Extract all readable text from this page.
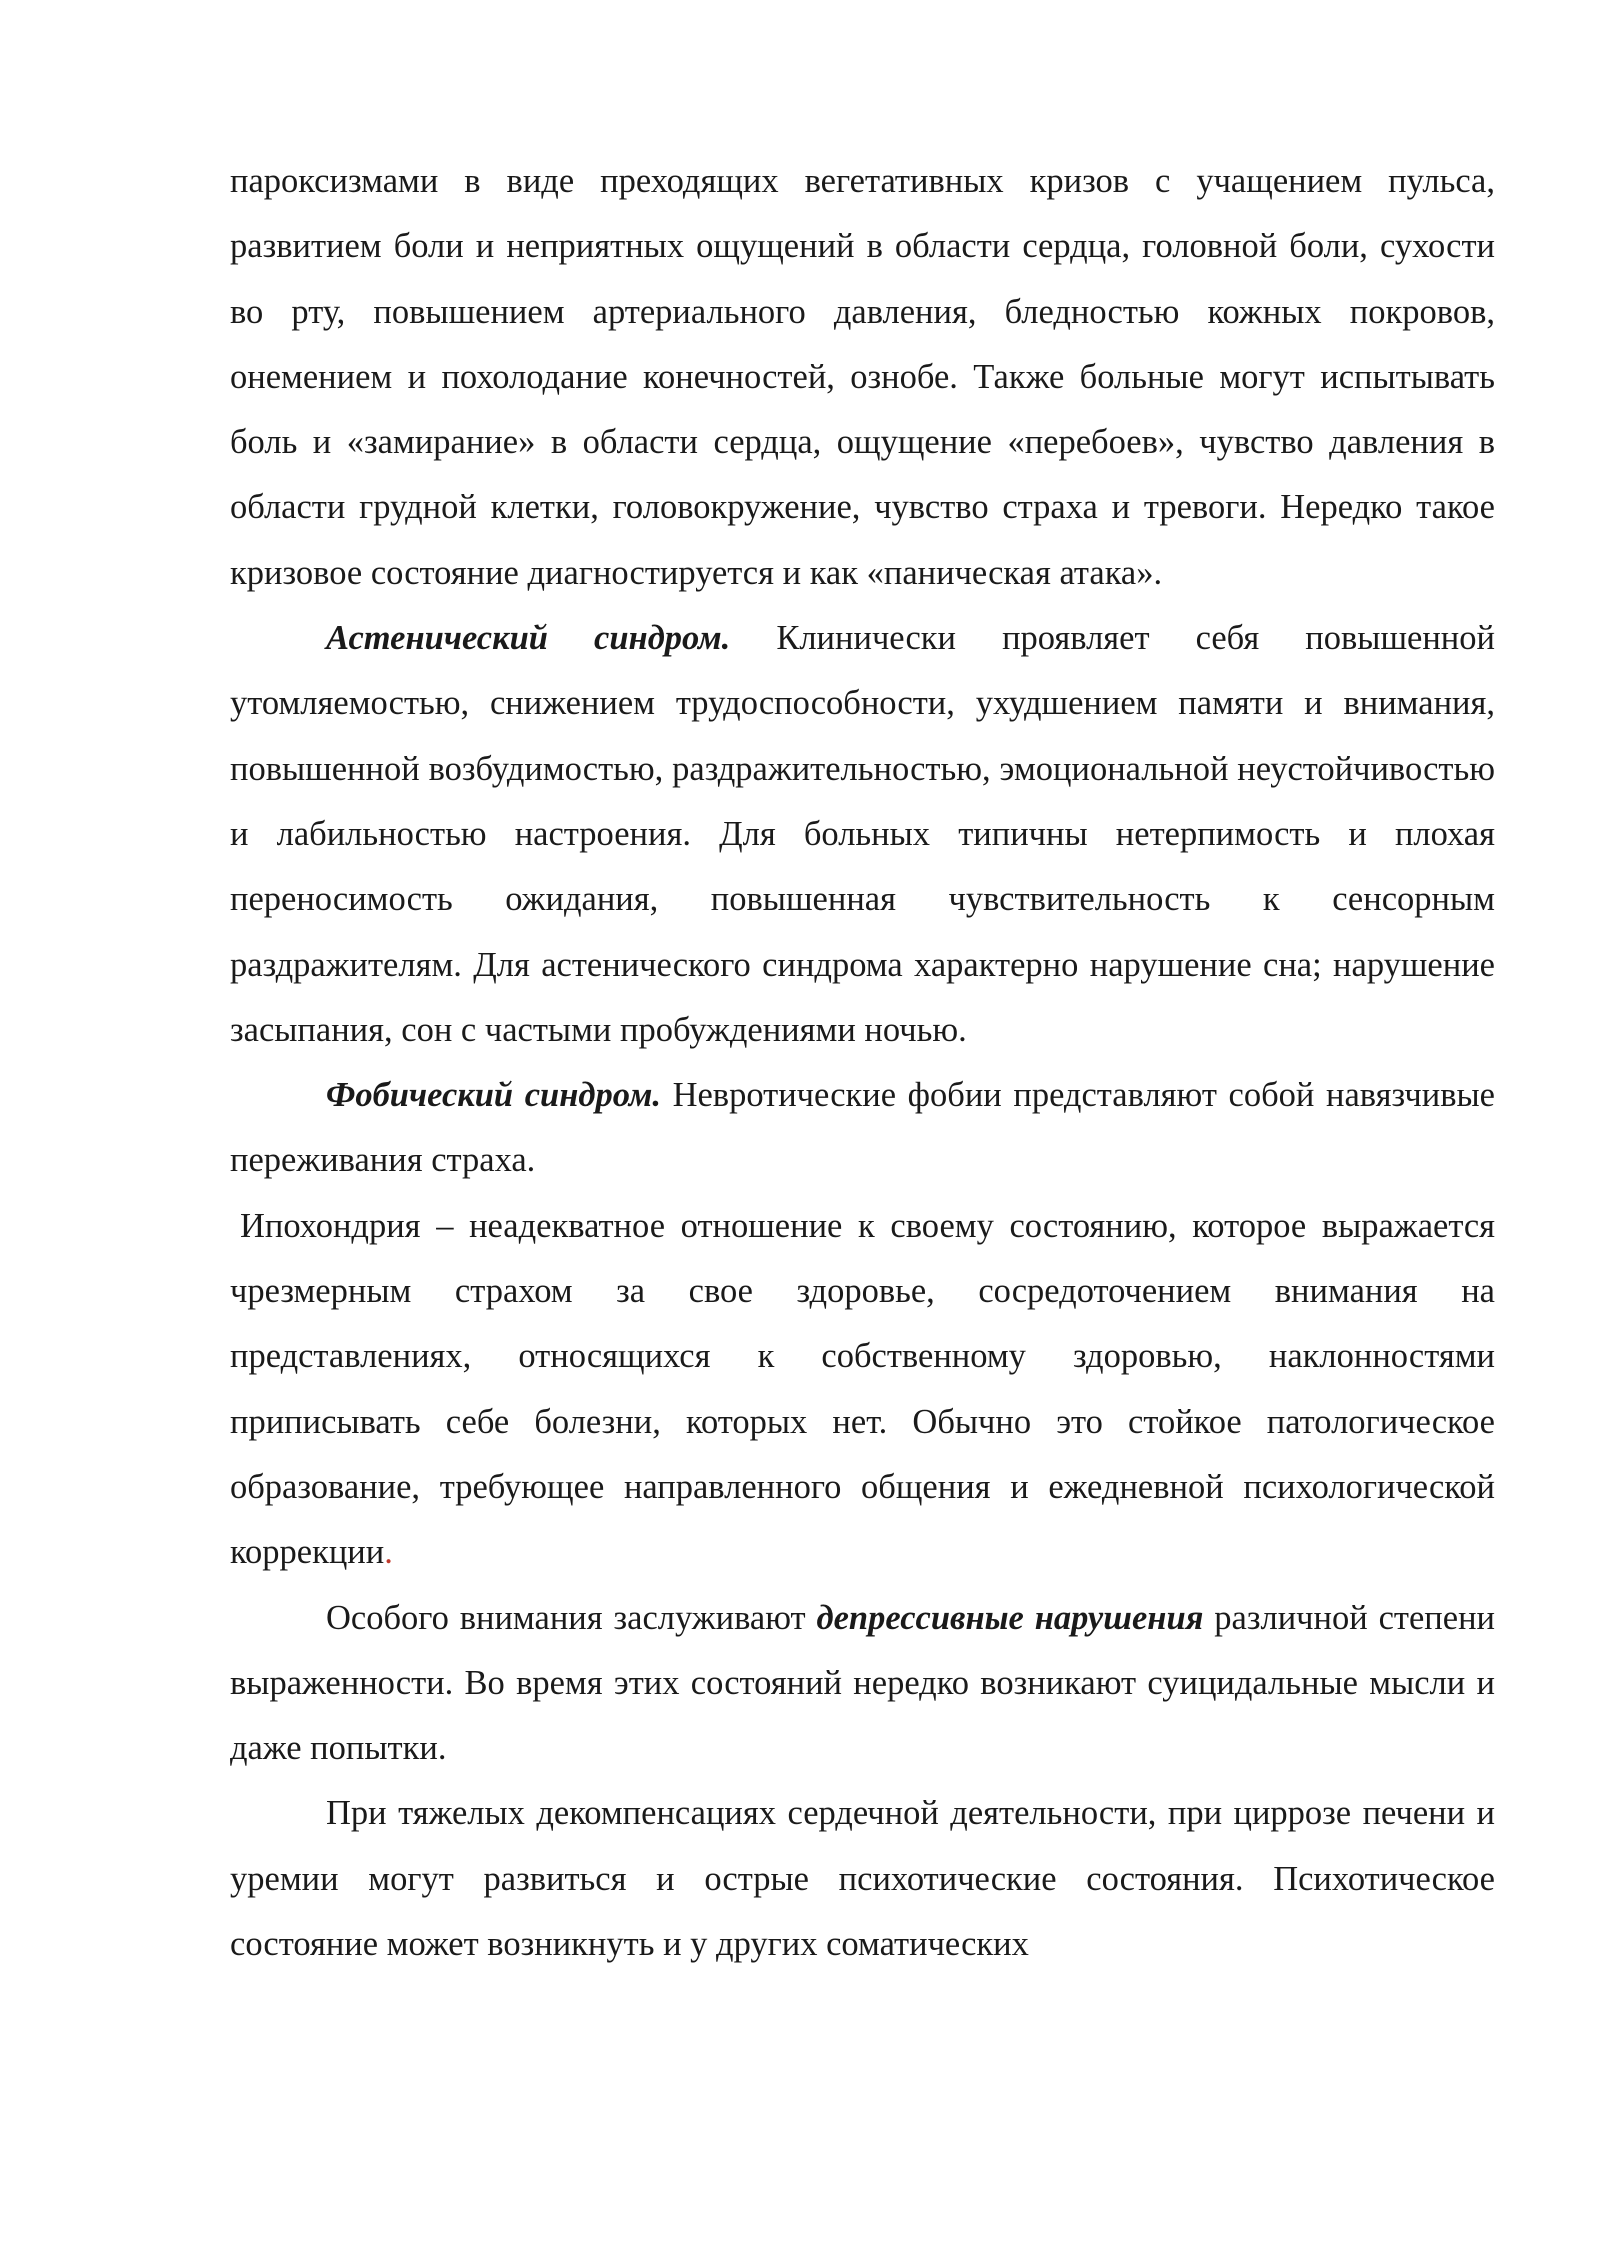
пароксизмами в виде преходящих вегетативных кризов с учащением пульса, развитием боли и неприятных ощущений в области сердца, головной боли, сухости во рту, повышением артериального давления, бледностью кожных покровов, онемением и похолодание конечностей, ознобе. Также больные могут испытывать боль и «замирание» в области сердца, ощущение «перебоев», чувство давления в области грудной клетки, головокружение, чувство страха и тревоги. Нередко такое кризовое состояние диагностируется и как «паническая атака».

Астенический синдром. Клинически проявляет себя повышенной утомляемостью, снижением трудоспособности, ухудшением памяти и внимания, повышенной возбудимостью, раздражительностью, эмоциональной неустойчивостью и лабильностью настроения. Для больных типичны нетерпимость и плохая переносимость ожидания, повышенная чувствительность к сенсорным раздражителям. Для астенического синдрома характерно нарушение сна; нарушение засыпания, сон с частыми пробуждениями ночью.

Фобический синдром. Невротические фобии представляют собой навязчивые переживания страха.

Ипохондрия – неадекватное отношение к своему состоянию, которое выражается чрезмерным страхом за свое здоровье, сосредоточением внимания на представлениях, относящихся к собственному здоровью, наклонностями приписывать себе болезни, которых нет. Обычно это стойкое патологическое образование, требующее направленного общения и ежедневной психологической коррекции.

Особого внимания заслуживают депрессивные нарушения различной степени выраженности. Во время этих состояний нередко возникают суицидальные мысли и даже попытки.

При тяжелых декомпенсациях сердечной деятельности, при циррозе печени и уремии могут развиться и острые психотические состояния. Психотическое состояние может возникнуть и у других соматических
